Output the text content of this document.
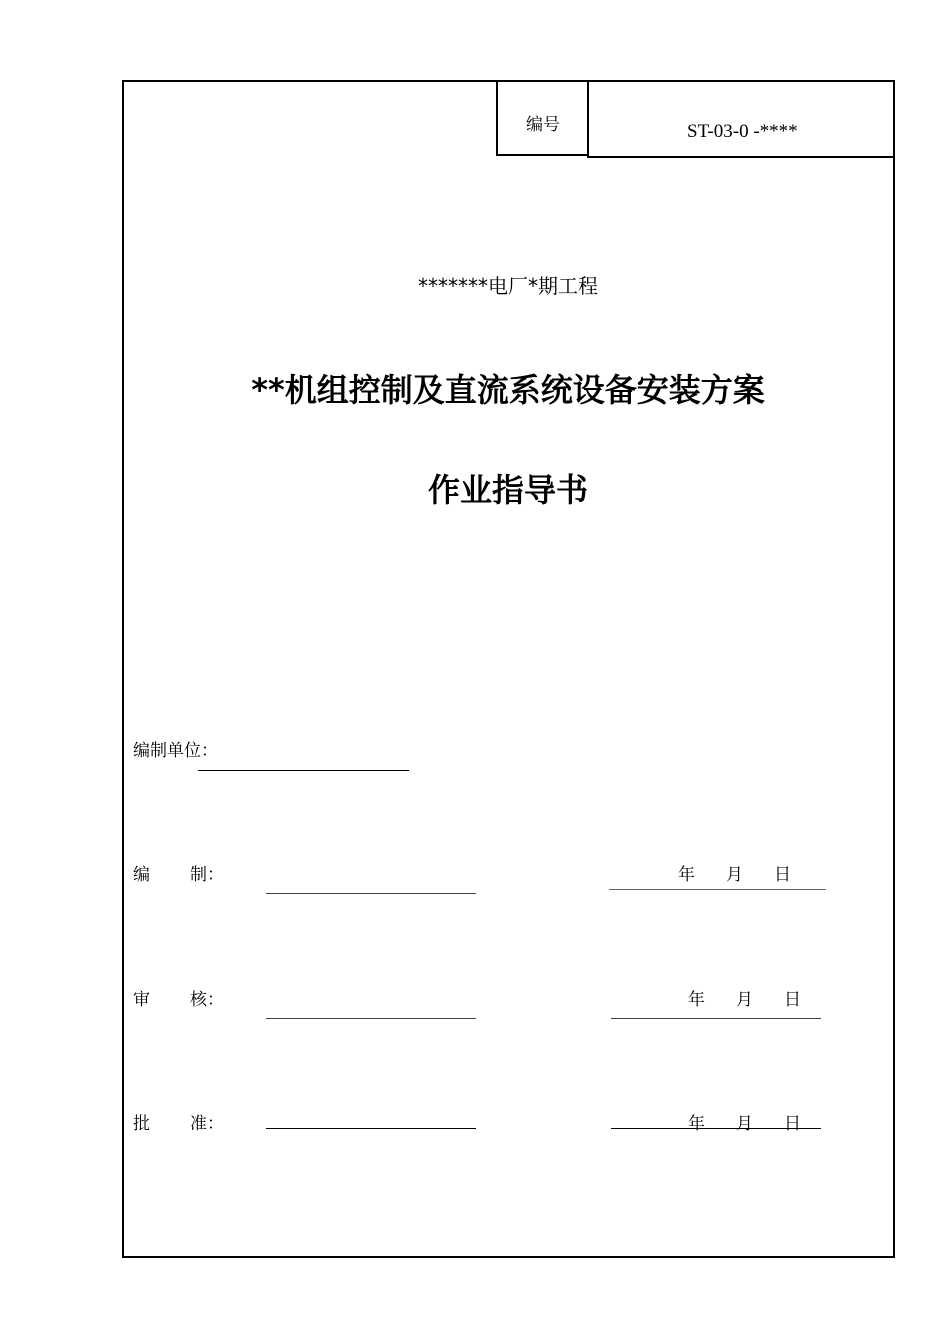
编号	ST-03-0 -****
*******电厂*期工程
**机组控制及直流系统设备安装方案
作业指导书
编制单位：
编 制：	年 月 日
审 核：	年 月 日
批 准：	年 月 日
